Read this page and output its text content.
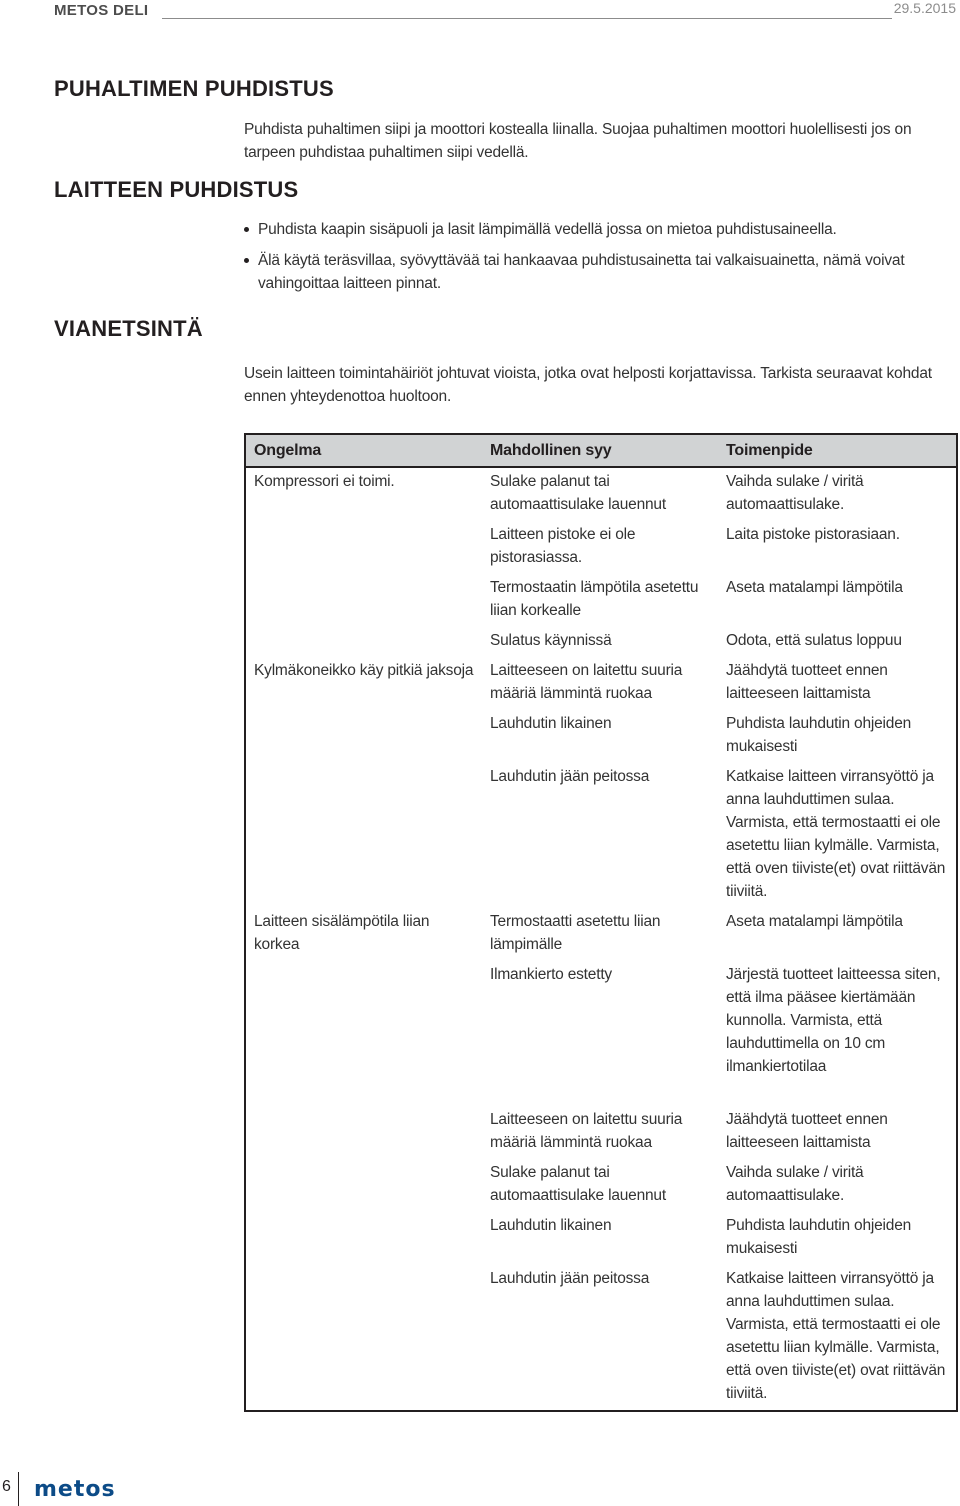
METOS DELI	29.5.2015
PUHALTIMEN PUHDISTUS
Puhdista puhaltimen siipi ja moottori kostealla liinalla. Suojaa puhaltimen moottori huolellisesti jos on tarpeen puhdistaa puhaltimen siipi vedellä.
LAITTEEN PUHDISTUS
Puhdista kaapin sisäpuoli ja lasit lämpimällä vedellä jossa on mietoa puhdistusaineella.
Älä käytä teräsvillaa, syövyttävää tai hankaavaa puhdistusainetta tai valkaisuainetta, nämä voivat vahingoittaa laitteen pinnat.
VIANETSINTÄ
Usein laitteen toimintahäiriöt johtuvat vioista, jotka ovat helposti korjattavissa. Tarkista seuraavat kohdat ennen yhteydenottoa huoltoon.
Ongelma	Mahdollinen syy	Toimenpide
Kompressori ei toimi.	Sulake palanut tai automaattisulake lauennut	Vaihda sulake / viritä automaattisulake.
	Laitteen pistoke ei ole pistorasiassa.	Laita pistoke pistorasiaan.
	Termostaatin lämpötila asetettu liian korkealle	Aseta matalampi lämpötila
	Sulatus käynnissä	Odota, että sulatus loppuu
Kylmäkoneikko käy pitkiä jaksoja	Laitteeseen on laitettu suuria määriä lämmintä ruokaa	Jäähdytä tuotteet ennen laitteeseen laittamista
	Lauhdutin likainen	Puhdista lauhdutin ohjeiden mukaisesti
	Lauhdutin jään peitossa	Katkaise laitteen virransyöttö ja anna lauhduttimen sulaa. Varmista, että termostaatti ei ole asetettu liian kylmälle. Varmista, että oven tiiviste(et) ovat riittävän tiiviitä.
Laitteen sisälämpötila liian korkea	Termostaatti asetettu liian lämpimälle	Aseta matalampi lämpötila
	Ilmankierto estetty	Järjestä tuotteet laitteessa siten, että ilma pääsee kiertämään kunnolla. Varmista, että lauhduttimella on 10 cm ilmankiertotilaa

	Laitteeseen on laitettu suuria määriä lämmintä ruokaa	Jäähdytä tuotteet ennen laitteeseen laittamista
	Sulake palanut tai automaattisulake lauennut	Vaihda sulake / viritä automaattisulake.
	Lauhdutin likainen	Puhdista lauhdutin ohjeiden mukaisesti
	Lauhdutin jään peitossa	Katkaise laitteen virransyöttö ja anna lauhduttimen sulaa. Varmista, että termostaatti ei ole asetettu liian kylmälle. Varmista, että oven tiiviste(et) ovat riittävän tiiviitä.
6 metos
